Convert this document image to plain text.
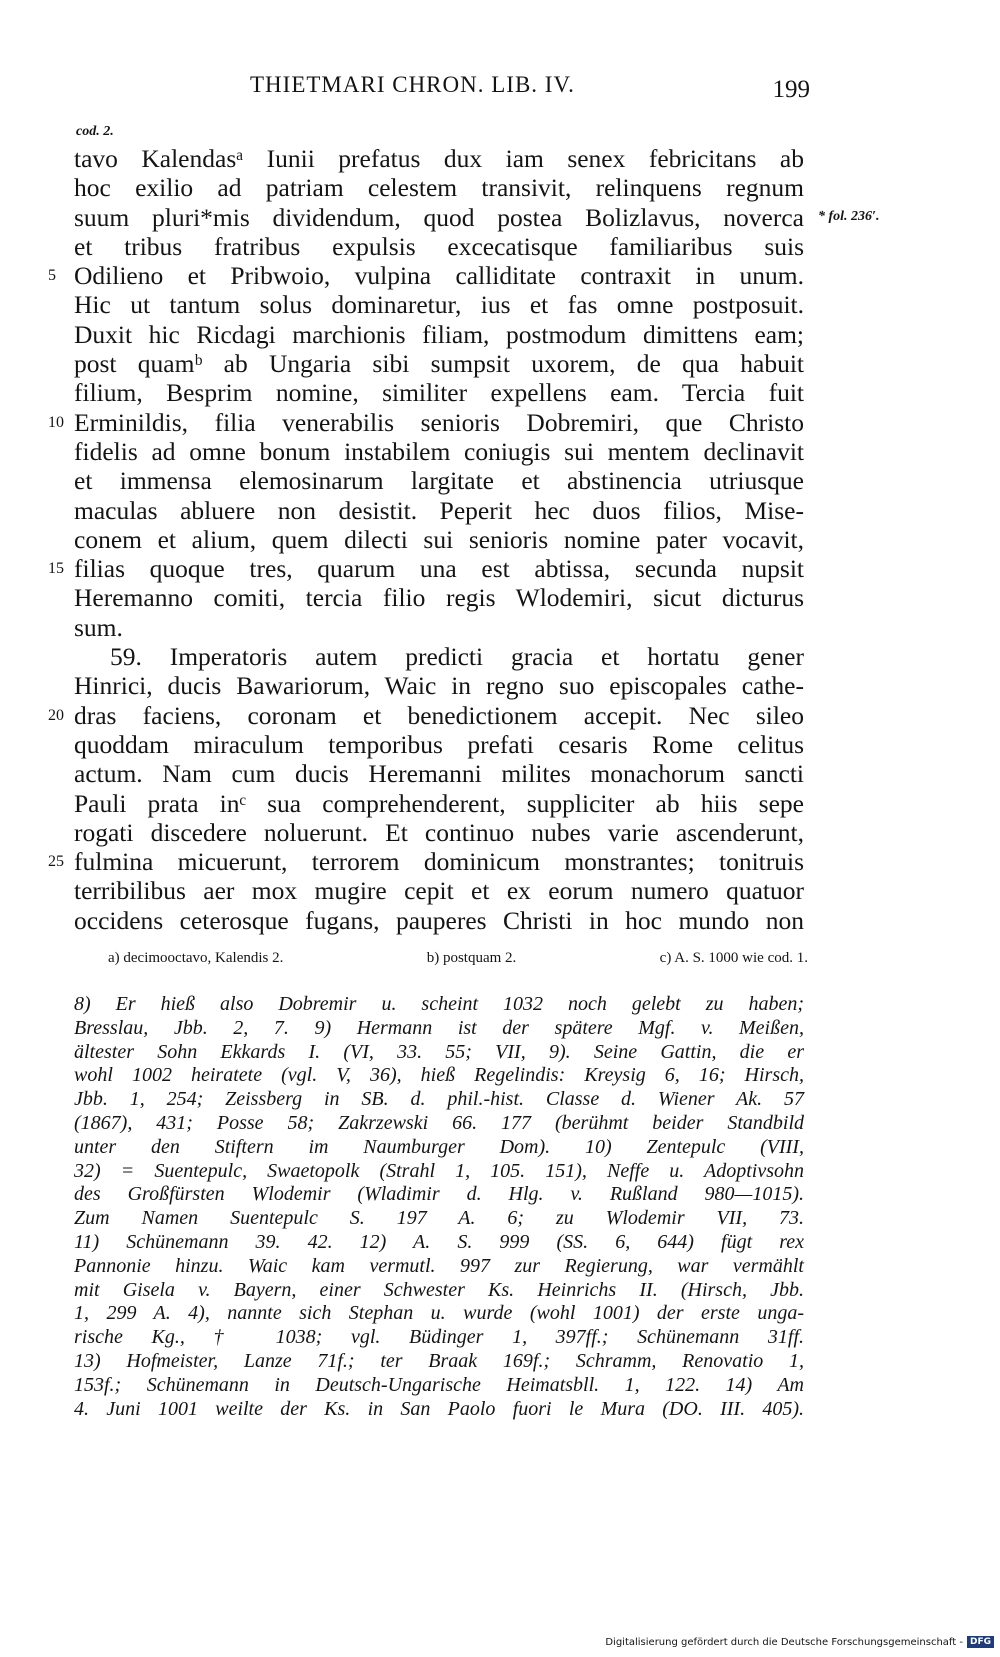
THIETMARI CHRON. LIB. IV.	199
cod. 2.
* fol. 236′.
tavo Kalendasᵃ Iunii prefatus dux iam senex febricitans ab
hoc exilio ad patriam celestem transivit, relinquens regnum
suum pluri*mis dividendum, quod postea Bolizlavus, noverca
et tribus fratribus expulsis excecatisque familiaribus suis
5 Odilieno et Pribwoio, vulpina calliditate contraxit in unum.
Hic ut tantum solus dominaretur, ius et fas omne postposuit.
Duxit hic Ricdagi marchionis filiam, postmodum dimittens eam;
post quamᵇ ab Ungaria sibi sumpsit uxorem, de qua habuit
filium, Besprim nomine, similiter expellens eam. Tercia fuit
10 Erminildis, filia venerabilis senioris Dobremiri, que Christo
fidelis ad omne bonum instabilem coniugis sui mentem declinavit
et immensa elemosinarum largitate et abstinencia utriusque
maculas abluere non desistit. Peperit hec duos filios, Mise-
conem et alium, quem dilecti sui senioris nomine pater vocavit,
15 filias quoque tres, quarum una est abtissa, secunda nupsit
Heremanno comiti, tercia filio regis Wlodemiri, sicut dicturus
sum.
59. Imperatoris autem predicti gracia et hortatu gener
Hinrici, ducis Bawariorum, Waic in regno suo episcopales cathe-
20 dras faciens, coronam et benedictionem accepit. Nec sileo
quoddam miraculum temporibus prefati cesaris Rome celitus
actum. Nam cum ducis Heremanni milites monachorum sancti
Pauli prata inᶜ sua comprehenderent, suppliciter ab hiis sepe
rogati discedere noluerunt. Et continuo nubes varie ascenderunt,
25 fulmina micuerunt, terrorem dominicum monstrantes; tonitruis
terribilibus aer mox mugire cepit et ex eorum numero quatuor
occidens ceterosque fugans, pauperes Christi in hoc mundo non
a) decimooctavo, Kalendis 2.	b) postquam 2.	c) A. S. 1000 wie cod. 1.
8) Er hieß also Dobremir u. scheint 1032 noch gelebt zu haben;
Bresslau, Jbb. 2, 7. 9) Hermann ist der spätere Mgf. v. Meißen,
ältester Sohn Ekkards I. (VI, 33. 55; VII, 9). Seine Gattin, die er
wohl 1002 heiratete (vgl. V, 36), hieß Regelindis: Kreysig 6, 16; Hirsch,
Jbb. 1, 254; Zeissberg in SB. d. phil.-hist. Classe d. Wiener Ak. 57
(1867), 431; Posse 58; Zakrzewski 66. 177 (berühmt beider Standbild
unter den Stiftern im Naumburger Dom). 10) Zentepulc (VIII,
32) = Suentepulc, Swaetopolk (Strahl 1, 105. 151), Neffe u. Adoptivsohn
des Großfürsten Wlodemir (Wladimir d. Hlg. v. Rußland 980—1015).
Zum Namen Suentepulc S. 197 A. 6; zu Wlodemir VII, 73.
11) Schünemann 39. 42. 12) A. S. 999 (SS. 6, 644) fügt rex
Pannonie hinzu. Waic kam vermutl. 997 zur Regierung, war vermählt
mit Gisela v. Bayern, einer Schwester Ks. Heinrichs II. (Hirsch, Jbb.
1, 299 A. 4), nannte sich Stephan u. wurde (wohl 1001) der erste unga-
rische Kg., † 1038; vgl. Büdinger 1, 397ff.; Schünemann 31ff.
13) Hofmeister, Lanze 71f.; ter Braak 169f.; Schramm, Renovatio 1,
153f.; Schünemann in Deutsch-Ungarische Heimatsbll. 1, 122. 14) Am
4. Juni 1001 weilte der Ks. in San Paolo fuori le Mura (DO. III. 405).
Digitalisierung gefördert durch die Deutsche Forschungsgemeinschaft - DFG
